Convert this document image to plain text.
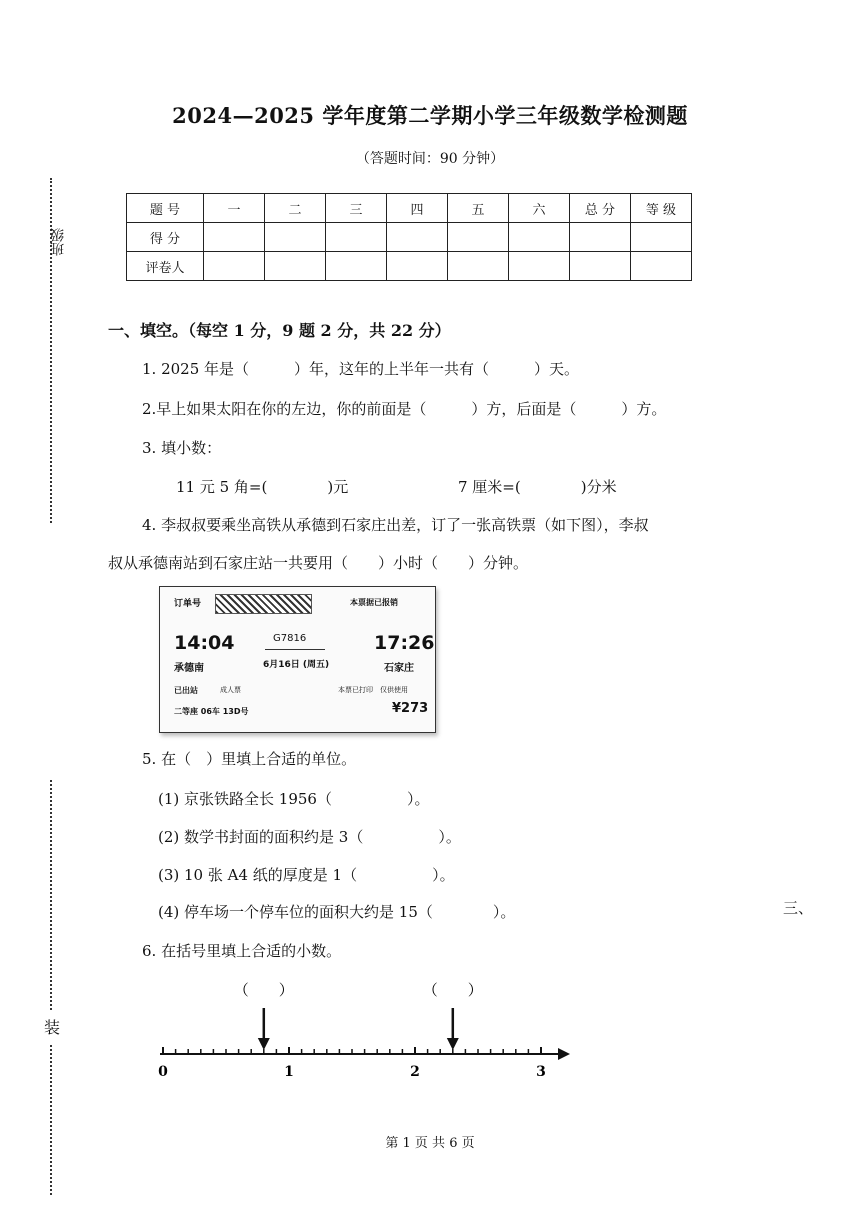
2024—2025 学年度第二学期小学三年级数学检测题
（答题时间：90 分钟）
班级
装
三、
题 号	一	二	三	四	五	六	总 分	等 级
得 分								
评卷人								
一、填空。（每空 1 分，9 题 2 分，共 22 分）
1. 2025 年是（　　　）年，这年的上半年一共有（　　　）天。
2.早上如果太阳在你的左边，你的前面是（　　　）方，后面是（　　　）方。
3. 填小数：
11 元 5 角=(　　　　)元	7 厘米=(　　　　)分米
4. 李叔叔要乘坐高铁从承德到石家庄出差，订了一张高铁票（如下图），李叔
叔从承德南站到石家庄站一共要用（　　）小时（　　）分钟。
订单号	本票据已报销
14:04	G7816	17:26
承德南	6月16日 (周五)	石家庄
已出站	成人票	本票已打印　仅供使用
二等座 06车 13D号	¥273
5. 在（　）里填上合适的单位。
(1) 京张铁路全长 1956（　　　　　）。
(2) 数学书封面的面积约是 3（　　　　　）。
(3) 10 张 A4 纸的厚度是 1（　　　　　）。
(4) 停车场一个停车位的面积大约是 15（　　　　）。
6. 在括号里填上合适的小数。
0	1	2	3
（　　）	（　　）
第 1 页 共 6 页
